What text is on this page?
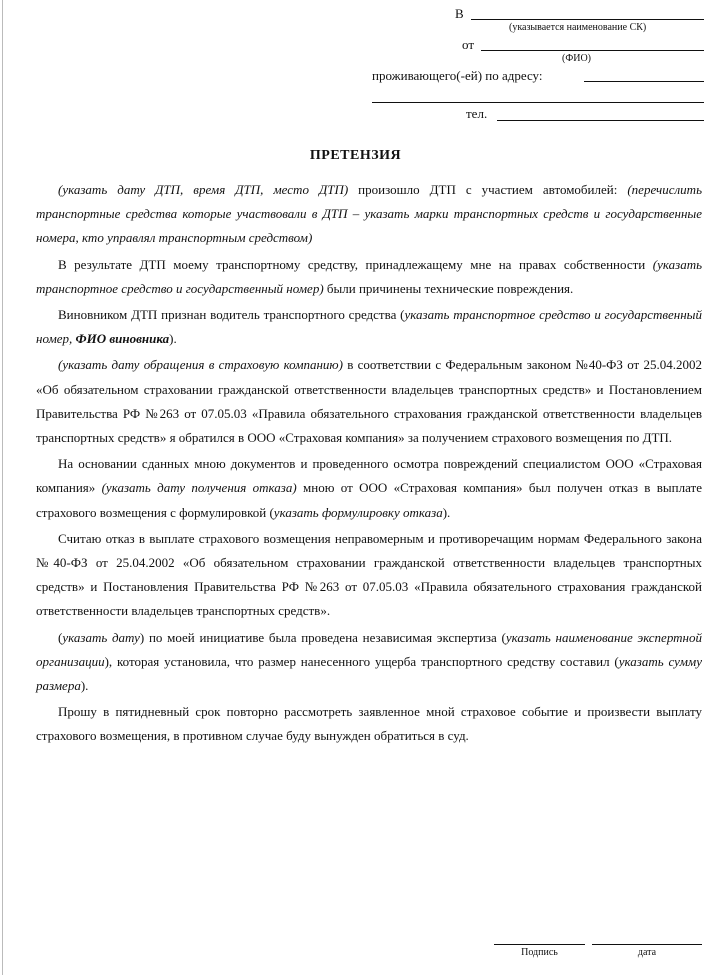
В
(указывается наименование СК)
от
(ФИО)
проживающего(-ей) по адресу:
тел.
ПРЕТЕНЗИЯ

(указать дату ДТП, время ДТП, место ДТП) произошло ДТП с участием автомобилей: (перечислить транспортные средства которые участвовали в ДТП – указать марки транспортных средств и государственные номера, кто управлял транспортным средством)

В результате ДТП моему транспортному средству, принадлежащему мне на правах собственности (указать транспортное средство и государственный номер) были причинены технические повреждения.

Виновником ДТП признан водитель транспортного средства (указать транспортное средство и государственный номер, ФИО виновника).

(указать дату обращения в страховую компанию) в соответствии с Федеральным законом №40-ФЗ от 25.04.2002 «Об обязательном страховании гражданской ответственности владельцев транспортных средств» и Постановлением Правительства РФ №263 от 07.05.03 «Правила обязательного страхования гражданской ответственности владельцев транспортных средств» я обратился в ООО «Страховая компания» за получением страхового возмещения по ДТП.

На основании сданных мною документов и проведенного осмотра повреждений специалистом ООО «Страховая компания» (указать дату получения отказа) мною от ООО «Страховая компания» был получен отказ в выплате страхового возмещения с формулировкой (указать формулировку отказа).

Считаю отказ в выплате страхового возмещения неправомерным и противоречащим нормам Федерального закона №40-ФЗ от 25.04.2002 «Об обязательном страховании гражданской ответственности владельцев транспортных средств» и Постановления Правительства РФ №263 от 07.05.03 «Правила обязательного страхования гражданской ответственности владельцев транспортных средств».

(указать дату) по моей инициативе была проведена независимая экспертиза (указать наименование экспертной организации), которая установила, что размер нанесенного ущерба транспортного средству составил (указать сумму размера).

Прошу в пятидневный срок повторно рассмотреть заявленное мной страховое событие и произвести выплату страхового возмещения, в противном случае буду вынужден обратиться в суд.

Подпись	дата
